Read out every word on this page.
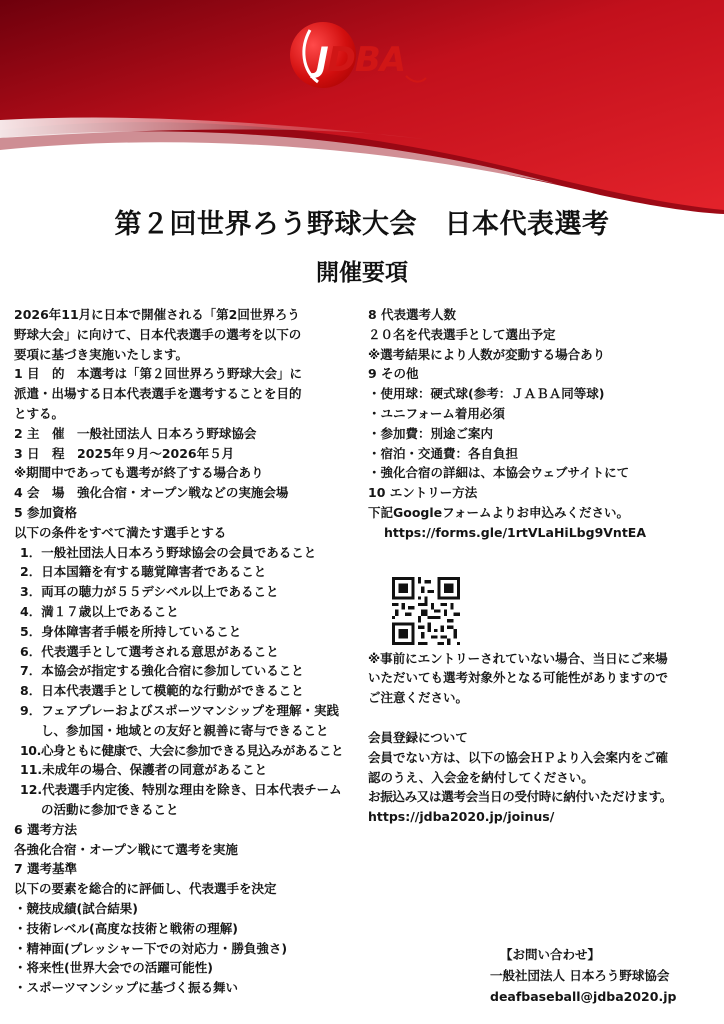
JDBA
第２回世界ろう野球大会　日本代表選考
開催要項

2026年11月に日本で開催される「第2回世界ろう

野球大会」に向けて、日本代表選手の選考を以下の

要項に基づき実施いたします。

1 目　的　本選考は「第２回世界ろう野球大会」に

派遣・出場する日本代表選手を選考することを目的

とする。

2 主　催　一般社団法人 日本ろう野球協会

3 日　程　2025年９月～2026年５月

※期間中であっても選考が終了する場合あり

4 会　場　強化合宿・オープン戦などの実施会場

5 参加資格

以下の条件をすべて満たす選手とする

1．一般社団法人日本ろう野球協会の会員であること

2．日本国籍を有する聴覚障害者であること

3．両耳の聴力が５５デシベル以上であること

4．満１７歳以上であること

5．身体障害者手帳を所持していること

6．代表選手として選考される意思があること

7．本協会が指定する強化合宿に参加していること

8．日本代表選手として模範的な行動ができること

9．フェアプレーおよびスポーツマンシップを理解・実践

し、参加国・地域との友好と親善に寄与できること

10.心身ともに健康で、大会に参加できる見込みがあること

11.未成年の場合、保護者の同意があること

12.代表選手内定後、特別な理由を除き、日本代表チーム

の活動に参加できること

6 選考方法

各強化合宿・オープン戦にて選考を実施

7 選考基準

以下の要素を総合的に評価し、代表選手を決定

・競技成績(試合結果)

・技術レベル(高度な技術と戦術の理解)

・精神面(プレッシャー下での対応力・勝負強さ)

・将来性(世界大会での活躍可能性)

・スポーツマンシップに基づく振る舞い

8 代表選考人数

２０名を代表選手として選出予定

※選考結果により人数が変動する場合あり

9 その他

・使用球：硬式球(参考：ＪＡＢＡ同等球)

・ユニフォーム着用必須

・参加費：別途ご案内

・宿泊・交通費：各自負担

・強化合宿の詳細は、本協会ウェブサイトにて

10 エントリー方法

下記Googleフォームよりお申込みください。

https://forms.gle/1rtVLaHiLbg9VntEA

※事前にエントリーされていない場合、当日にご来場

いただいても選考対象外となる可能性がありますので

ご注意ください。

会員登録について

会員でない方は、以下の協会ＨＰより入会案内をご確

認のうえ、入会金を納付してください。

お振込み又は選考会当日の受付時に納付いただけます。

https://jdba2020.jp/joinus/

【お問い合わせ】

一般社団法人 日本ろう野球協会

deafbaseball@jdba2020.jp
